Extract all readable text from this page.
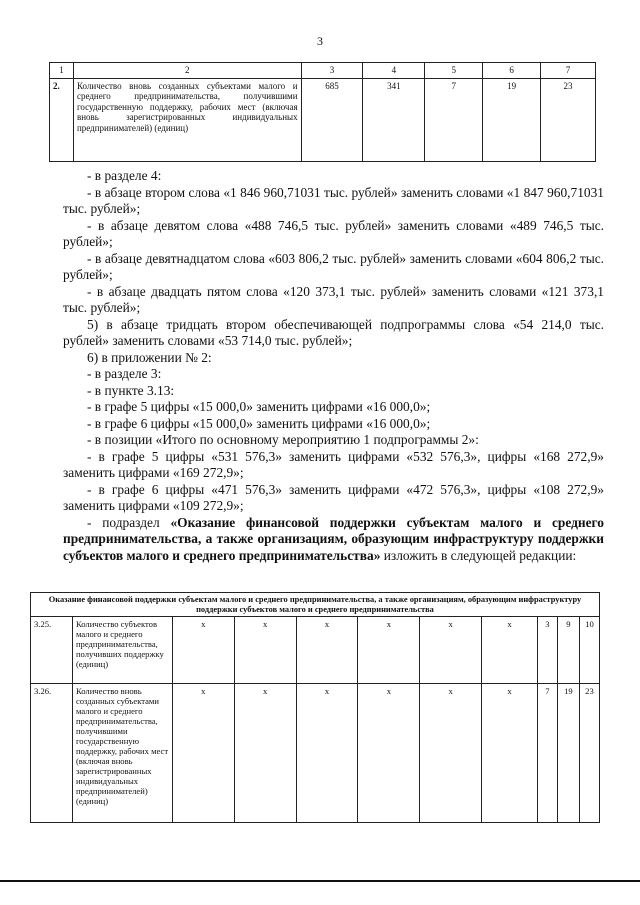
3
1	2	3	4	5	6	7
2.	Количество вновь созданных субъектами малого и среднего предпринимательства, получившими государственную поддержку, рабочих мест (включая вновь зарегистрированных индивидуальных предпринимателей) (единиц)	685	341	7	19	23

- в разделе 4:

- в абзаце втором слова «1 846 960,71031 тыс. рублей» заменить словами «1 847 960,71031 тыс. рублей»;

- в абзаце девятом слова «488 746,5 тыс. рублей» заменить словами «489 746,5 тыс. рублей»;

- в абзаце девятнадцатом слова «603 806,2 тыс. рублей» заменить словами «604 806,2 тыс. рублей»;

- в абзаце двадцать пятом слова «120 373,1 тыс. рублей» заменить словами «121 373,1 тыс. рублей»;

5) в абзаце тридцать втором обеспечивающей подпрограммы слова «54 214,0 тыс. рублей» заменить словами «53 714,0 тыс. рублей»;

6) в приложении № 2:

- в разделе 3:

- в пункте 3.13:

- в графе 5 цифры «15 000,0» заменить цифрами «16 000,0»;

- в графе 6 цифры «15 000,0» заменить цифрами «16 000,0»;

- в позиции «Итого по основному мероприятию 1 подпрограммы 2»:

- в графе 5 цифры «531 576,3» заменить цифрами «532 576,3», цифры «168 272,9» заменить цифрами «169 272,9»;

- в графе 6 цифры «471 576,3» заменить цифрами «472 576,3», цифры «108 272,9» заменить цифрами «109 272,9»;

- подраздел «Оказание финансовой поддержки субъектам малого и среднего предпринимательства, а также организациям, образующим инфраструктуру поддержки субъектов малого и среднего предпринимательства» изложить в следующей редакции:

Оказание финансовой поддержки субъектам малого и среднего предпринимательства, а также организациям, образующим инфраструктуру поддержки субъектов малого и среднего предпринимательства										
3.25.	Количество субъектов малого и среднего предпринимательства, получивших поддержку (единиц)	x	x	x	x	x	x	3	9	10
3.26.	Количество вновь созданных субъектами малого и среднего предпринимательства, получившими государственную поддержку, рабочих мест (включая вновь зарегистрированных индивидуальных предпринимателей) (единиц)	x	x	x	x	x	x	7	19	23
